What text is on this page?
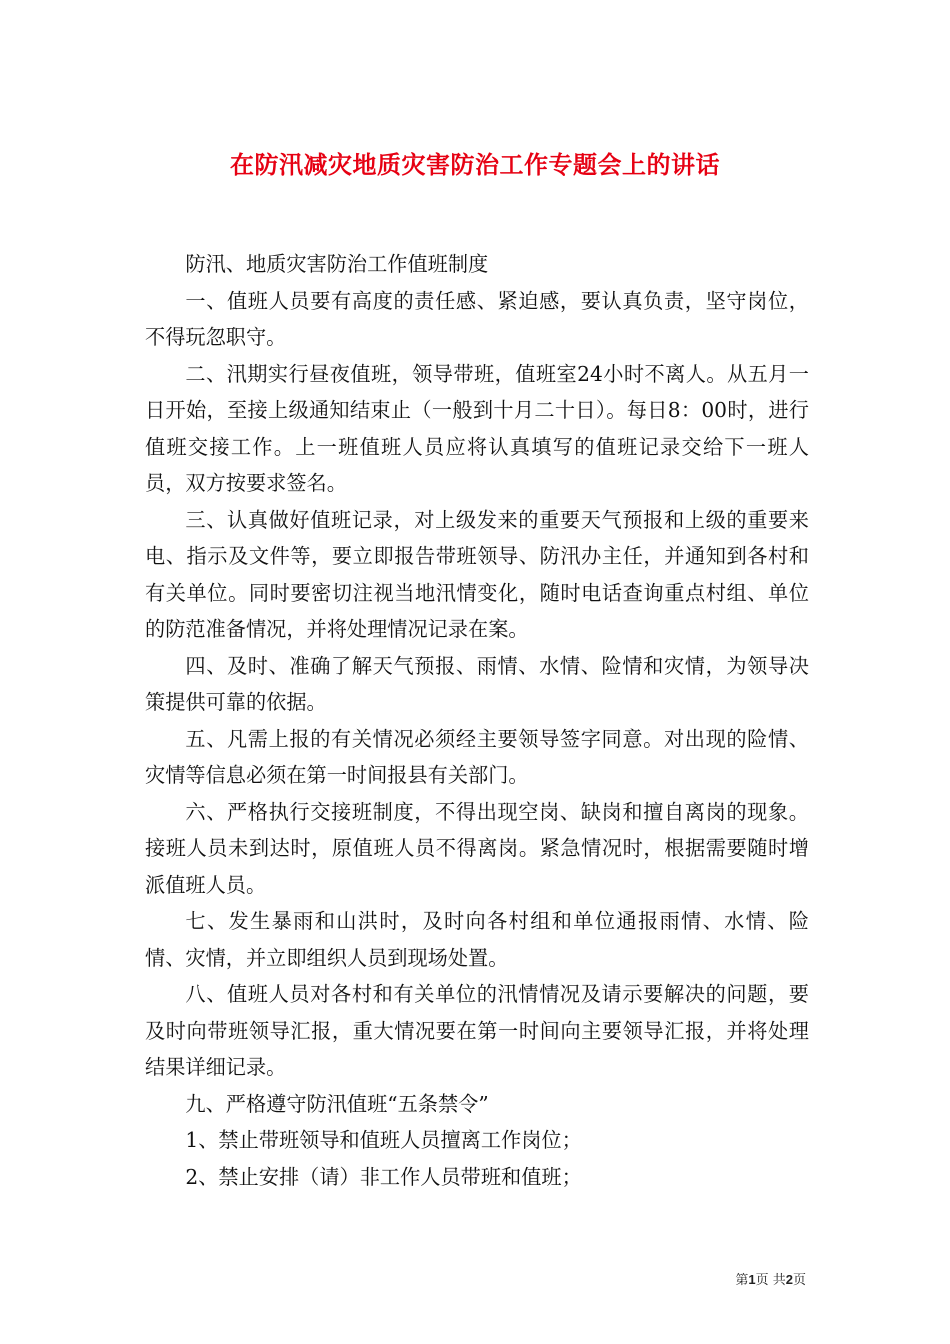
在防汛减灾地质灾害防治工作专题会上的讲话

防汛、地质灾害防治工作值班制度

一、值班人员要有高度的责任感、紧迫感，要认真负责，坚守岗位，不得玩忽职守。

二、汛期实行昼夜值班，领导带班，值班室24小时不离人。从五月一日开始，至接上级通知结束止（一般到十月二十日）。每日8：00时，进行值班交接工作。上一班值班人员应将认真填写的值班记录交给下一班人员，双方按要求签名。

三、认真做好值班记录，对上级发来的重要天气预报和上级的重要来电、指示及文件等，要立即报告带班领导、防汛办主任，并通知到各村和有关单位。同时要密切注视当地汛情变化，随时电话查询重点村组、单位的防范准备情况，并将处理情况记录在案。

四、及时、准确了解天气预报、雨情、水情、险情和灾情，为领导决策提供可靠的依据。

五、凡需上报的有关情况必须经主要领导签字同意。对出现的险情、灾情等信息必须在第一时间报县有关部门。

六、严格执行交接班制度，不得出现空岗、缺岗和擅自离岗的现象。接班人员未到达时，原值班人员不得离岗。紧急情况时，根据需要随时增派值班人员。

七、发生暴雨和山洪时，及时向各村组和单位通报雨情、水情、险情、灾情，并立即组织人员到现场处置。

八、值班人员对各村和有关单位的汛情情况及请示要解决的问题，要及时向带班领导汇报，重大情况要在第一时间向主要领导汇报，并将处理结果详细记录。

九、严格遵守防汛值班“五条禁令”

1、禁止带班领导和值班人员擅离工作岗位；

2、禁止安排（请）非工作人员带班和值班；

第1页 共2页
